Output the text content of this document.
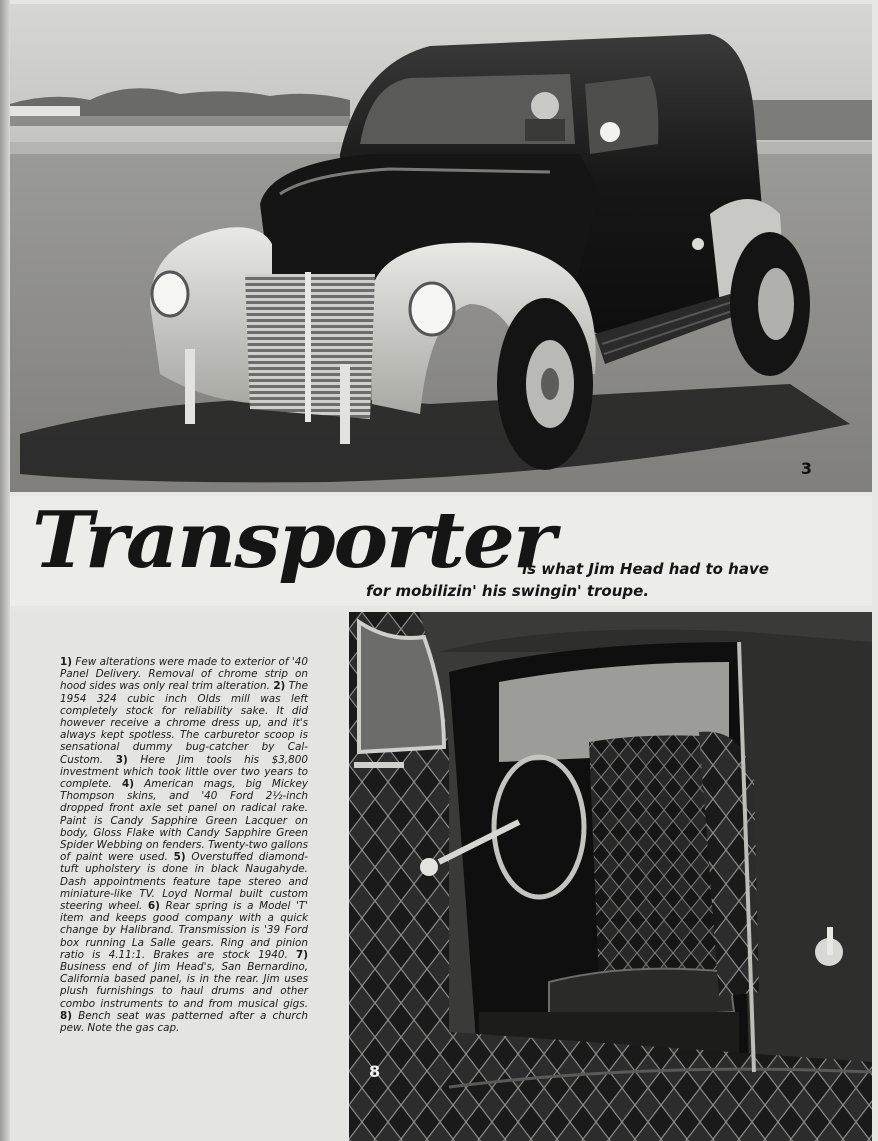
3
Transporter
is what Jim Head had to have
for mobilizin' his swingin' troupe.
1) Few alterations were made to exterior of '40 Panel Delivery. Removal of chrome strip on hood sides was only real trim alteration. 2) The 1954 324 cubic inch Olds mill was left completely stock for reliability sake. It did however receive a chrome dress up, and it's always kept spotless. The carburetor scoop is sensational dummy bug-catcher by Cal-Custom. 3) Here Jim tools his $3,800 investment which took little over two years to complete. 4) American mags, big Mickey Thompson skins, and '40 Ford 2½-inch dropped front axle set panel on radical rake. Paint is Candy Sapphire Green Lacquer on body, Gloss Flake with Candy Sapphire Green Spider Webbing on fenders. Twenty-two gallons of paint were used. 5) Overstuffed diamond-tuft upholstery is done in black Naugahyde. Dash appointments feature tape stereo and miniature-like TV. Loyd Normal built custom steering wheel. 6) Rear spring is a Model 'T' item and keeps good company with a quick change by Halibrand. Transmission is '39 Ford box running La Salle gears. Ring and pinion ratio is 4.11:1. Brakes are stock 1940. 7) Business end of Jim Head's, San Bernardino, California based panel, is in the rear. Jim uses plush furnishings to haul drums and other combo instruments to and from musical gigs. 8) Bench seat was patterned after a church pew. Note the gas cap.
8
